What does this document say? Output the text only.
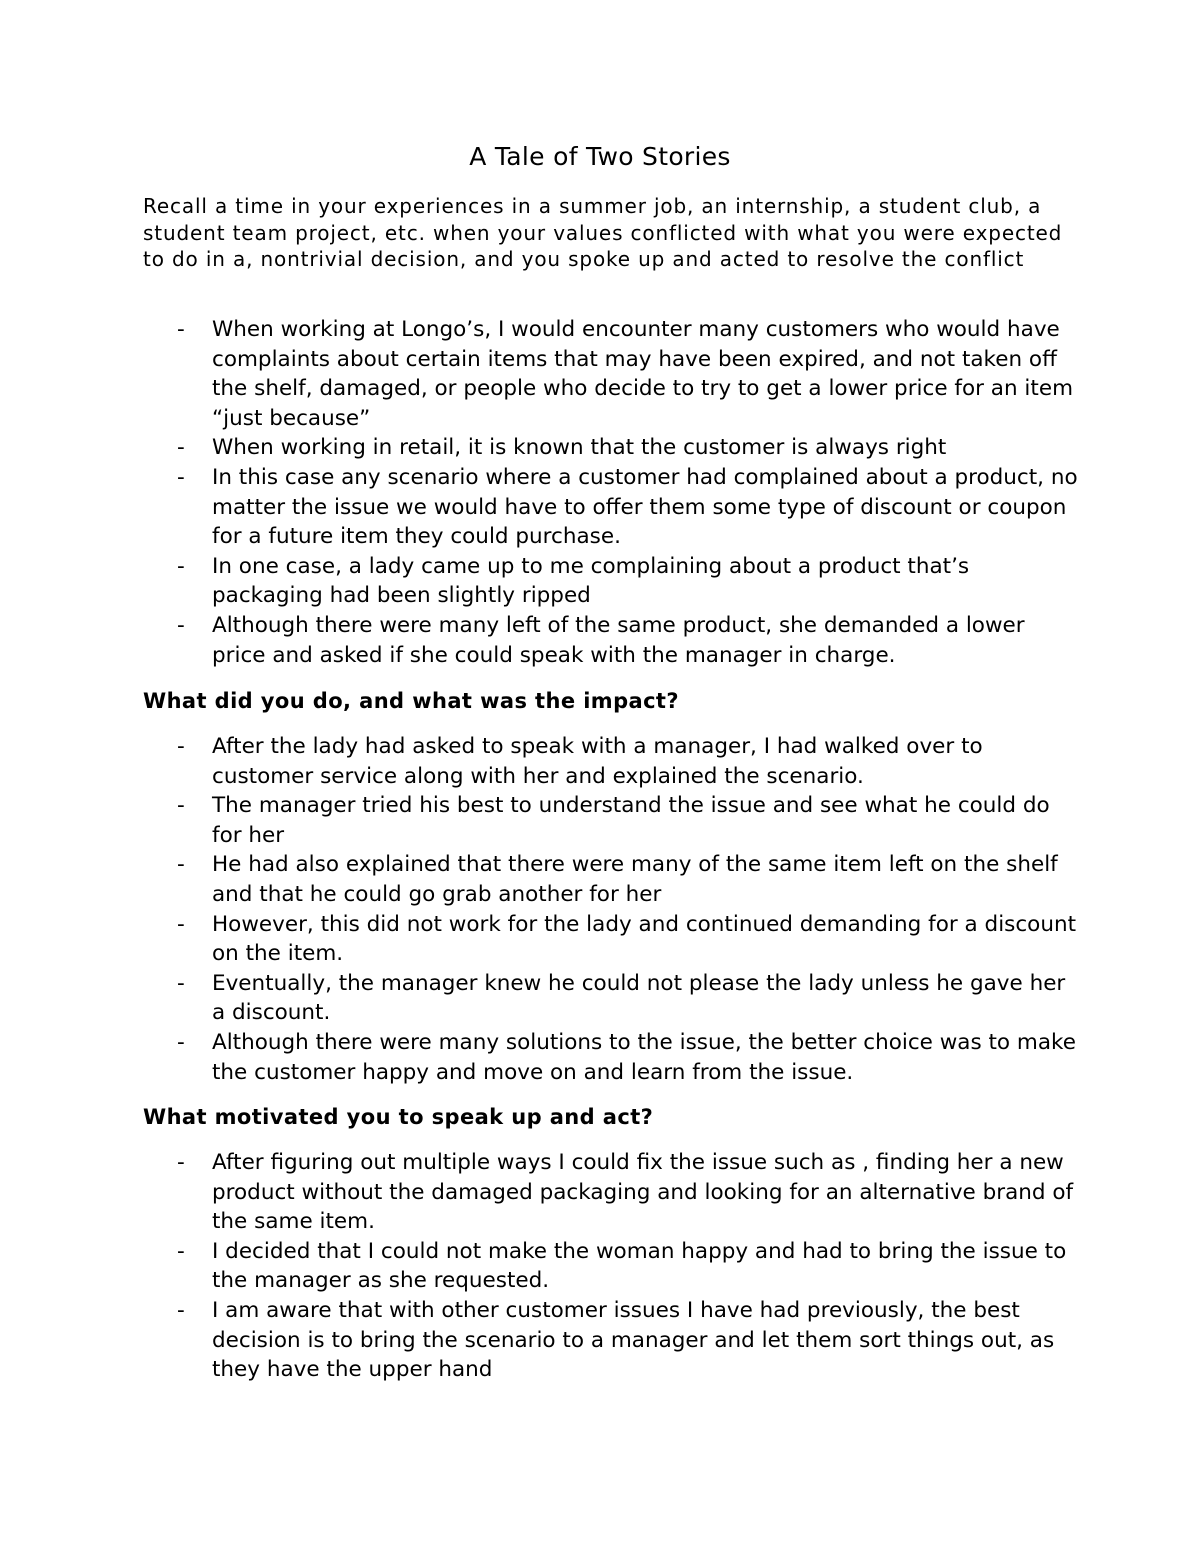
A Tale of Two Stories

Recall a time in your experiences in a summer job, an internship, a student club, a student team project, etc. when your values conflicted with what you were expected to do in a, nontrivial decision, and you spoke up and acted to resolve the conflict

- When working at Longo’s, I would encounter many customers who would have complaints about certain items that may have been expired, and not taken off the shelf, damaged, or people who decide to try to get a lower price for an item “just because”
- When working in retail, it is known that the customer is always right
- In this case any scenario where a customer had complained about a product, no matter the issue we would have to offer them some type of discount or coupon for a future item they could purchase.
- In one case, a lady came up to me complaining about a product that’s packaging had been slightly ripped
- Although there were many left of the same product, she demanded a lower price and asked if she could speak with the manager in charge.
What did you do, and what was the impact?
- After the lady had asked to speak with a manager, I had walked over to customer service along with her and explained the scenario.
- The manager tried his best to understand the issue and see what he could do for her
- He had also explained that there were many of the same item left on the shelf and that he could go grab another for her
- However, this did not work for the lady and continued demanding for a discount on the item.
- Eventually, the manager knew he could not please the lady unless he gave her a discount.
- Although there were many solutions to the issue, the better choice was to make the customer happy and move on and learn from the issue.
What motivated you to speak up and act?
- After figuring out multiple ways I could fix the issue such as , finding her a new product without the damaged packaging and looking for an alternative brand of the same item.
- I decided that I could not make the woman happy and had to bring the issue to the manager as she requested.
- I am aware that with other customer issues I have had previously, the best decision is to bring the scenario to a manager and let them sort things out, as they have the upper hand
